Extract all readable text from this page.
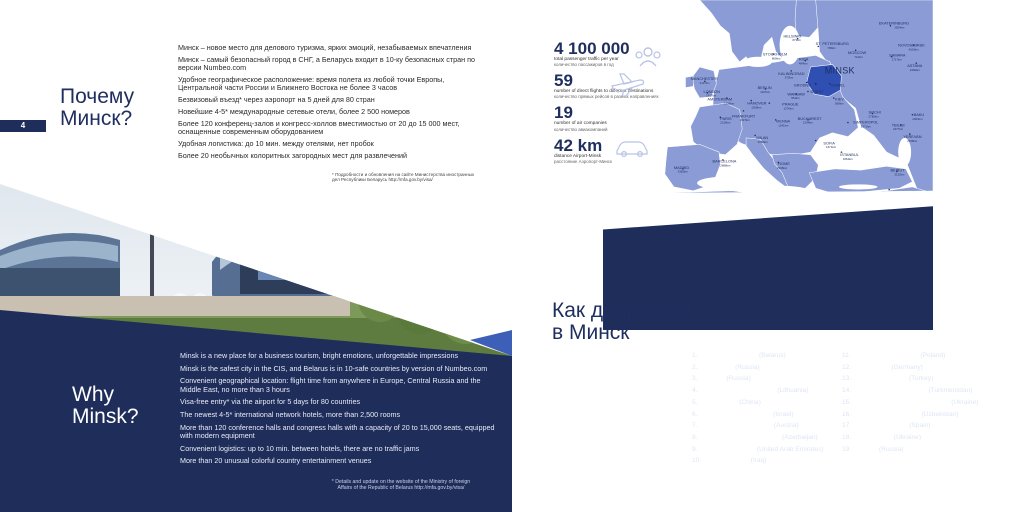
4
Почему
Минск?

Минск – новое место для делового туризма, ярких эмоций, незабываемых впечатления

Минск – самый безопасный город в СНГ, а Беларусь входит в 10-ку безопасных стран по версии Numbeo.com

Удобное географическое расположение: время полета из любой точки Европы, Центральной части России и Ближнего Востока не более 3 часов

Безвизовый въезд* через аэропорт на 5 дней для 80 стран

Новейшие 4-5* международные сетевые отели, более 2 500 номеров

Более 120 конференц-залов и конгресс-холлов вместимостью от 20 до 15 000 мест, оснащенные современным оборудованием

Удобная логистика: до 10 мин. между отелями, нет пробок

Более 20 необычных колоритных загородных мест для развлечений

* Подробности и обновления на сайте Министерства иностранных дел Республики Беларусь http://mfa.gov.by/visa/
Why
Minsk?

Minsk is a new place for a business tourism, bright emotions, unforgettable impressions

Minsk is the safest city in the CIS, and Belarus is in 10-safe countries by version of Numbeo.com

Convenient geographical location: flight time from anywhere in Europe, Central Russia and the Middle East, no more than 3 hours

Visa-free entry* via the airport for 5 days for 80 countries

The newest 4-5* international network hotels, more than 2,500 rooms

More than 120 conference halls and congress halls with a capacity of 20 to 15,000 seats, equipped with modern equipment

Convenient logistics: up to 10 min. between hotels, there are no traffic jams

More than 20 unusual colorful country entertainment venues

* Details and update on the website of the Ministry of foreign Affairs of the Republic of Belarus http://mfa.gov.by/visa/
MINSK
EKATERINBURG
2504km
HELSINKI
873km
ST. PETERSBURG
796km
NOVOSIBIRSK
4106km
STOCKHOLM
869km	RIGA
484km
MOSCOW
712km	SAMARA
1717km
ASTANA
3482km
KALININGRAD
572km
GOMEL
GRODNO
MANCHESTER
2117km
BERLIN
1107km	BREST
WARSAW
554km	KIEV
568km
LONDON
1917km
AMSTERDAM
1726km HANOVER
1358km
PRAGUE
1276km
FRANKFURT
1607km
SOCHI
2780km	BAKU
2904km
PARIS
2126km	VIENNA
1241km
BUCHAREST
1334km	SIMFEROPOL
1371km	TBILISI
2477km
YEREVAN
2758km
MILAN
2058km	SOFIA
1671km
ISTANBUL
1864km
BARCELONA
2888km	ROME
2308km
MADRID
3382km	BEIRUT
3132km
4 100 000
total passenger traffic per year
количество пассажиров в год
59
number of direct flights to different destinations
количество прямых рейсов в разных направлениях
19
number of air companies
количество авиакомпаний
42 km
distance Airport-Minsk
расстояние Аэропорт-Минск
Как добраться
в Минск
How to get
to Minsk
1. Airlines Belavia (Belarus)
2. Aeroflot (Russia)
3. UTair (Russia)
4. Air Baltic corporation (Lithuania)
5. Air China (China)
6. Arkia Israeli Airlines (Israel)
7. Austrian Airlines AG (Austria)
8. Azerbaijan Hava Yollari (Azerbaijan)
9. Etihad Airways (United Arab Emirates)
10. Iraqi Airways (Iraq)
11. LOT Polish Airlines (Poland)
12. Lufthansa (Germany)
13. Turkish Airlines (Turkey)
14. Turkmenistan Airlines (Turkmenistan)
15. Ukraine International Airlines (Ukraine)
16. Uzbekistan Airways (Uzbekistan)
17. Vueling Airlines (Spain)
18. Motor Sich (Ukraine)
19. Yamal (Russia)
